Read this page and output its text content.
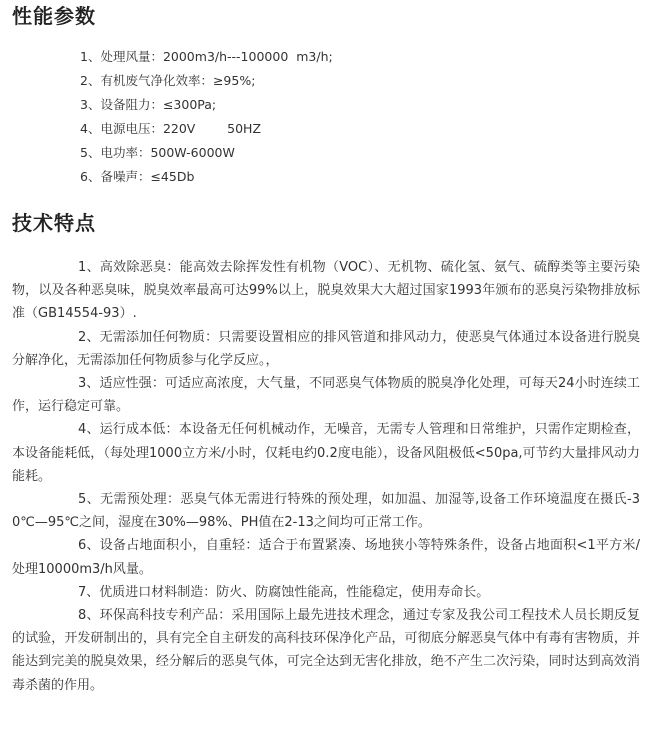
性能参数
1、处理风量：2000m3/h---100000  m3/h;
2、有机废气净化效率：≥95%;
3、设备阻力：≤300Pa;
4、电源电压：220V        50HZ
5、电功率：500W-6000W
6、备噪声：≤45Db
技术特点

1、高效除恶臭：能高效去除挥发性有机物（VOC）、无机物、硫化氢、氨气、硫醇类等主要污染物，以及各种恶臭味，脱臭效率最高可达99%以上，脱臭效果大大超过国家1993年颁布的恶臭污染物排放标准（GB14554-93）.

2、无需添加任何物质：只需要设置相应的排风管道和排风动力，使恶臭气体通过本设备进行脱臭分解净化，无需添加任何物质参与化学反应。，

3、适应性强：可适应高浓度，大气量，不同恶臭气体物质的脱臭净化处理，可每天24小时连续工作，运行稳定可靠。

4、运行成本低：本设备无任何机械动作，无噪音，无需专人管理和日常维护，只需作定期检查，本设备能耗低，（每处理1000立方米/小时，仅耗电约0.2度电能），设备风阻极低<50pa,可节约大量排风动力能耗。

5、无需预处理：恶臭气体无需进行特殊的预处理，如加温、加湿等,设备工作环境温度在摄氏-30℃—95℃之间，湿度在30%—98%、PH值在2-13之间均可正常工作。

6、设备占地面积小，自重轻：适合于布置紧凑、场地狭小等特殊条件，设备占地面积<1平方米/处理10000m3/h风量。

7、优质进口材料制造：防火、防腐蚀性能高，性能稳定，使用寿命长。

8、环保高科技专利产品：采用国际上最先进技术理念，通过专家及我公司工程技术人员长期反复的试验，开发研制出的，具有完全自主研发的高科技环保净化产品，可彻底分解恶臭气体中有毒有害物质，并能达到完美的脱臭效果，经分解后的恶臭气体，可完全达到无害化排放，绝不产生二次污染，同时达到高效消毒杀菌的作用。
